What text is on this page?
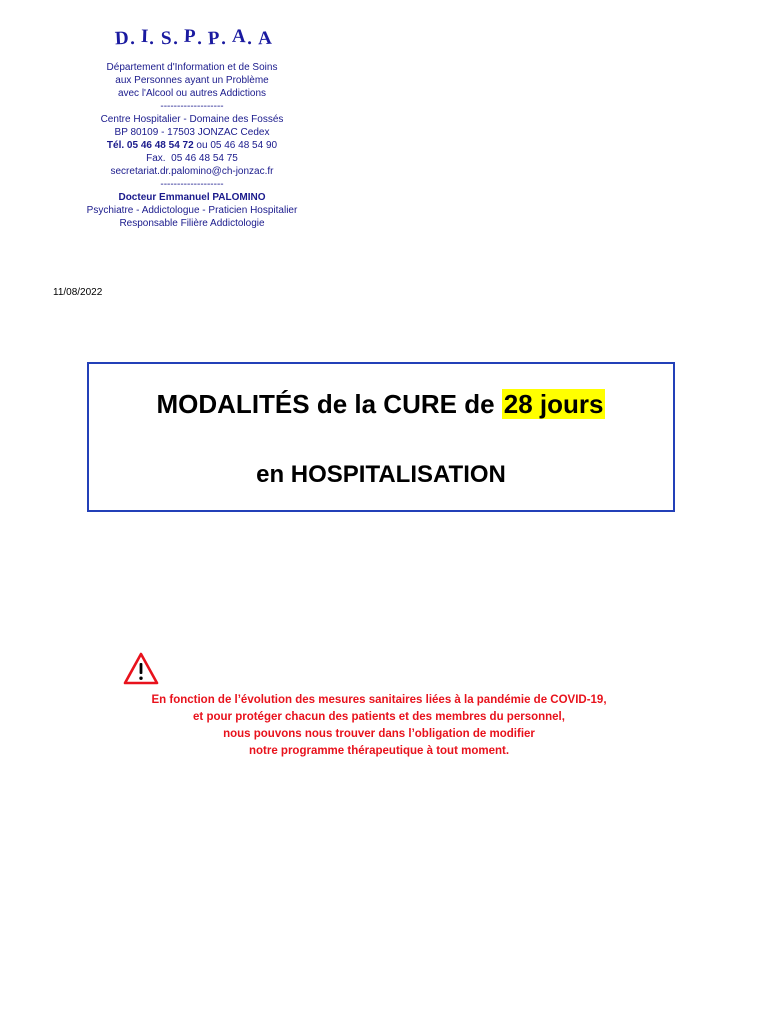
D. I. S. P. P. A. A
Département d'Information et de Soins
aux Personnes ayant un Problème
avec l'Alcool ou autres Addictions
-------------------
Centre Hospitalier - Domaine des Fossés
BP 80109 - 17503 JONZAC Cedex
Tél. 05 46 48 54 72 ou 05 46 48 54 90
Fax.  05 46 48 54 75
secretariat.dr.palomino@ch-jonzac.fr
-------------------
Docteur Emmanuel PALOMINO
Psychiatre - Addictologue - Praticien Hospitalier
Responsable Filière Addictologie
11/08/2022
MODALITÉS de la CURE de 28 jours
en HOSPITALISATION
En fonction de l’évolution des mesures sanitaires liées à la pandémie de COVID-19,
et pour protéger chacun des patients et des membres du personnel,
nous pouvons nous trouver dans l’obligation de modifier
notre programme thérapeutique à tout moment.
